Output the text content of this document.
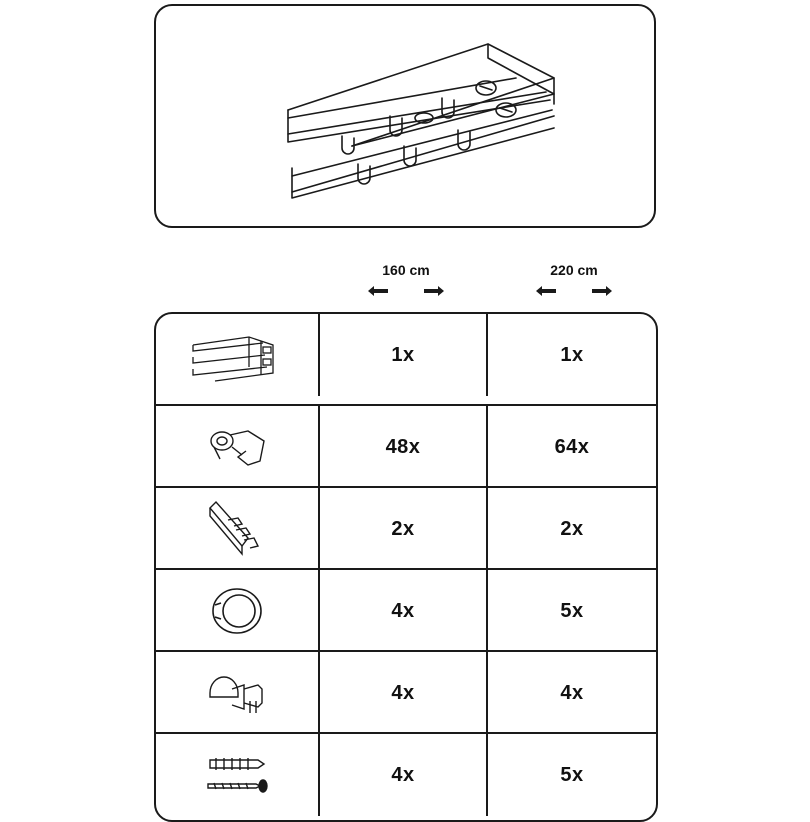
160 cm	220 cm
1x	1x
48x	64x
2x	2x
4x	5x
4x	4x
4x	5x
